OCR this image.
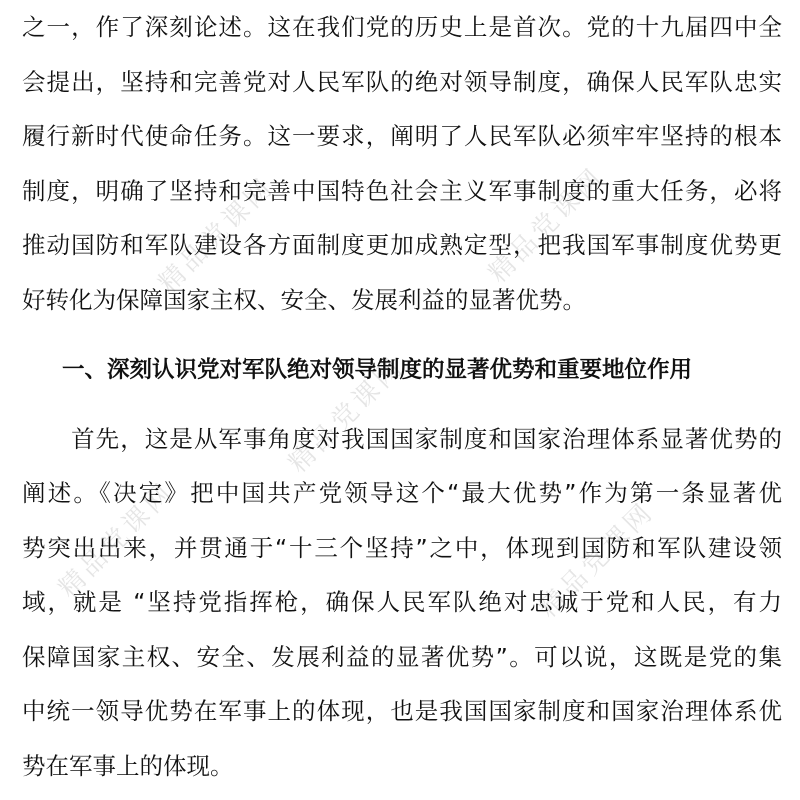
精品党课网	精品党课网
精品党课网
精品党课网	精品党课网
之一，作了深刻论述。这在我们党的历史上是首次。党的十九届四中全
会提出，坚持和完善党对人民军队的绝对领导制度，确保人民军队忠实
履行新时代使命任务。这一要求，阐明了人民军队必须牢牢坚持的根本
制度，明确了坚持和完善中国特色社会主义军事制度的重大任务，必将
推动国防和军队建设各方面制度更加成熟定型，把我国军事制度优势更
好转化为保障国家主权、安全、发展利益的显著优势。
一、深刻认识党对军队绝对领导制度的显著优势和重要地位作用
　　首先，这是从军事角度对我国国家制度和国家治理体系显著优势的
阐述。《决定》把中国共产党领导这个“最大优势”作为第一条显著优
势突出出来，并贯通于“十三个坚持”之中，体现到国防和军队建设领
域，就是 “坚持党指挥枪，确保人民军队绝对忠诚于党和人民，有力
保障国家主权、安全、发展利益的显著优势”。可以说，这既是党的集
中统一领导优势在军事上的体现，也是我国国家制度和国家治理体系优
势在军事上的体现。
